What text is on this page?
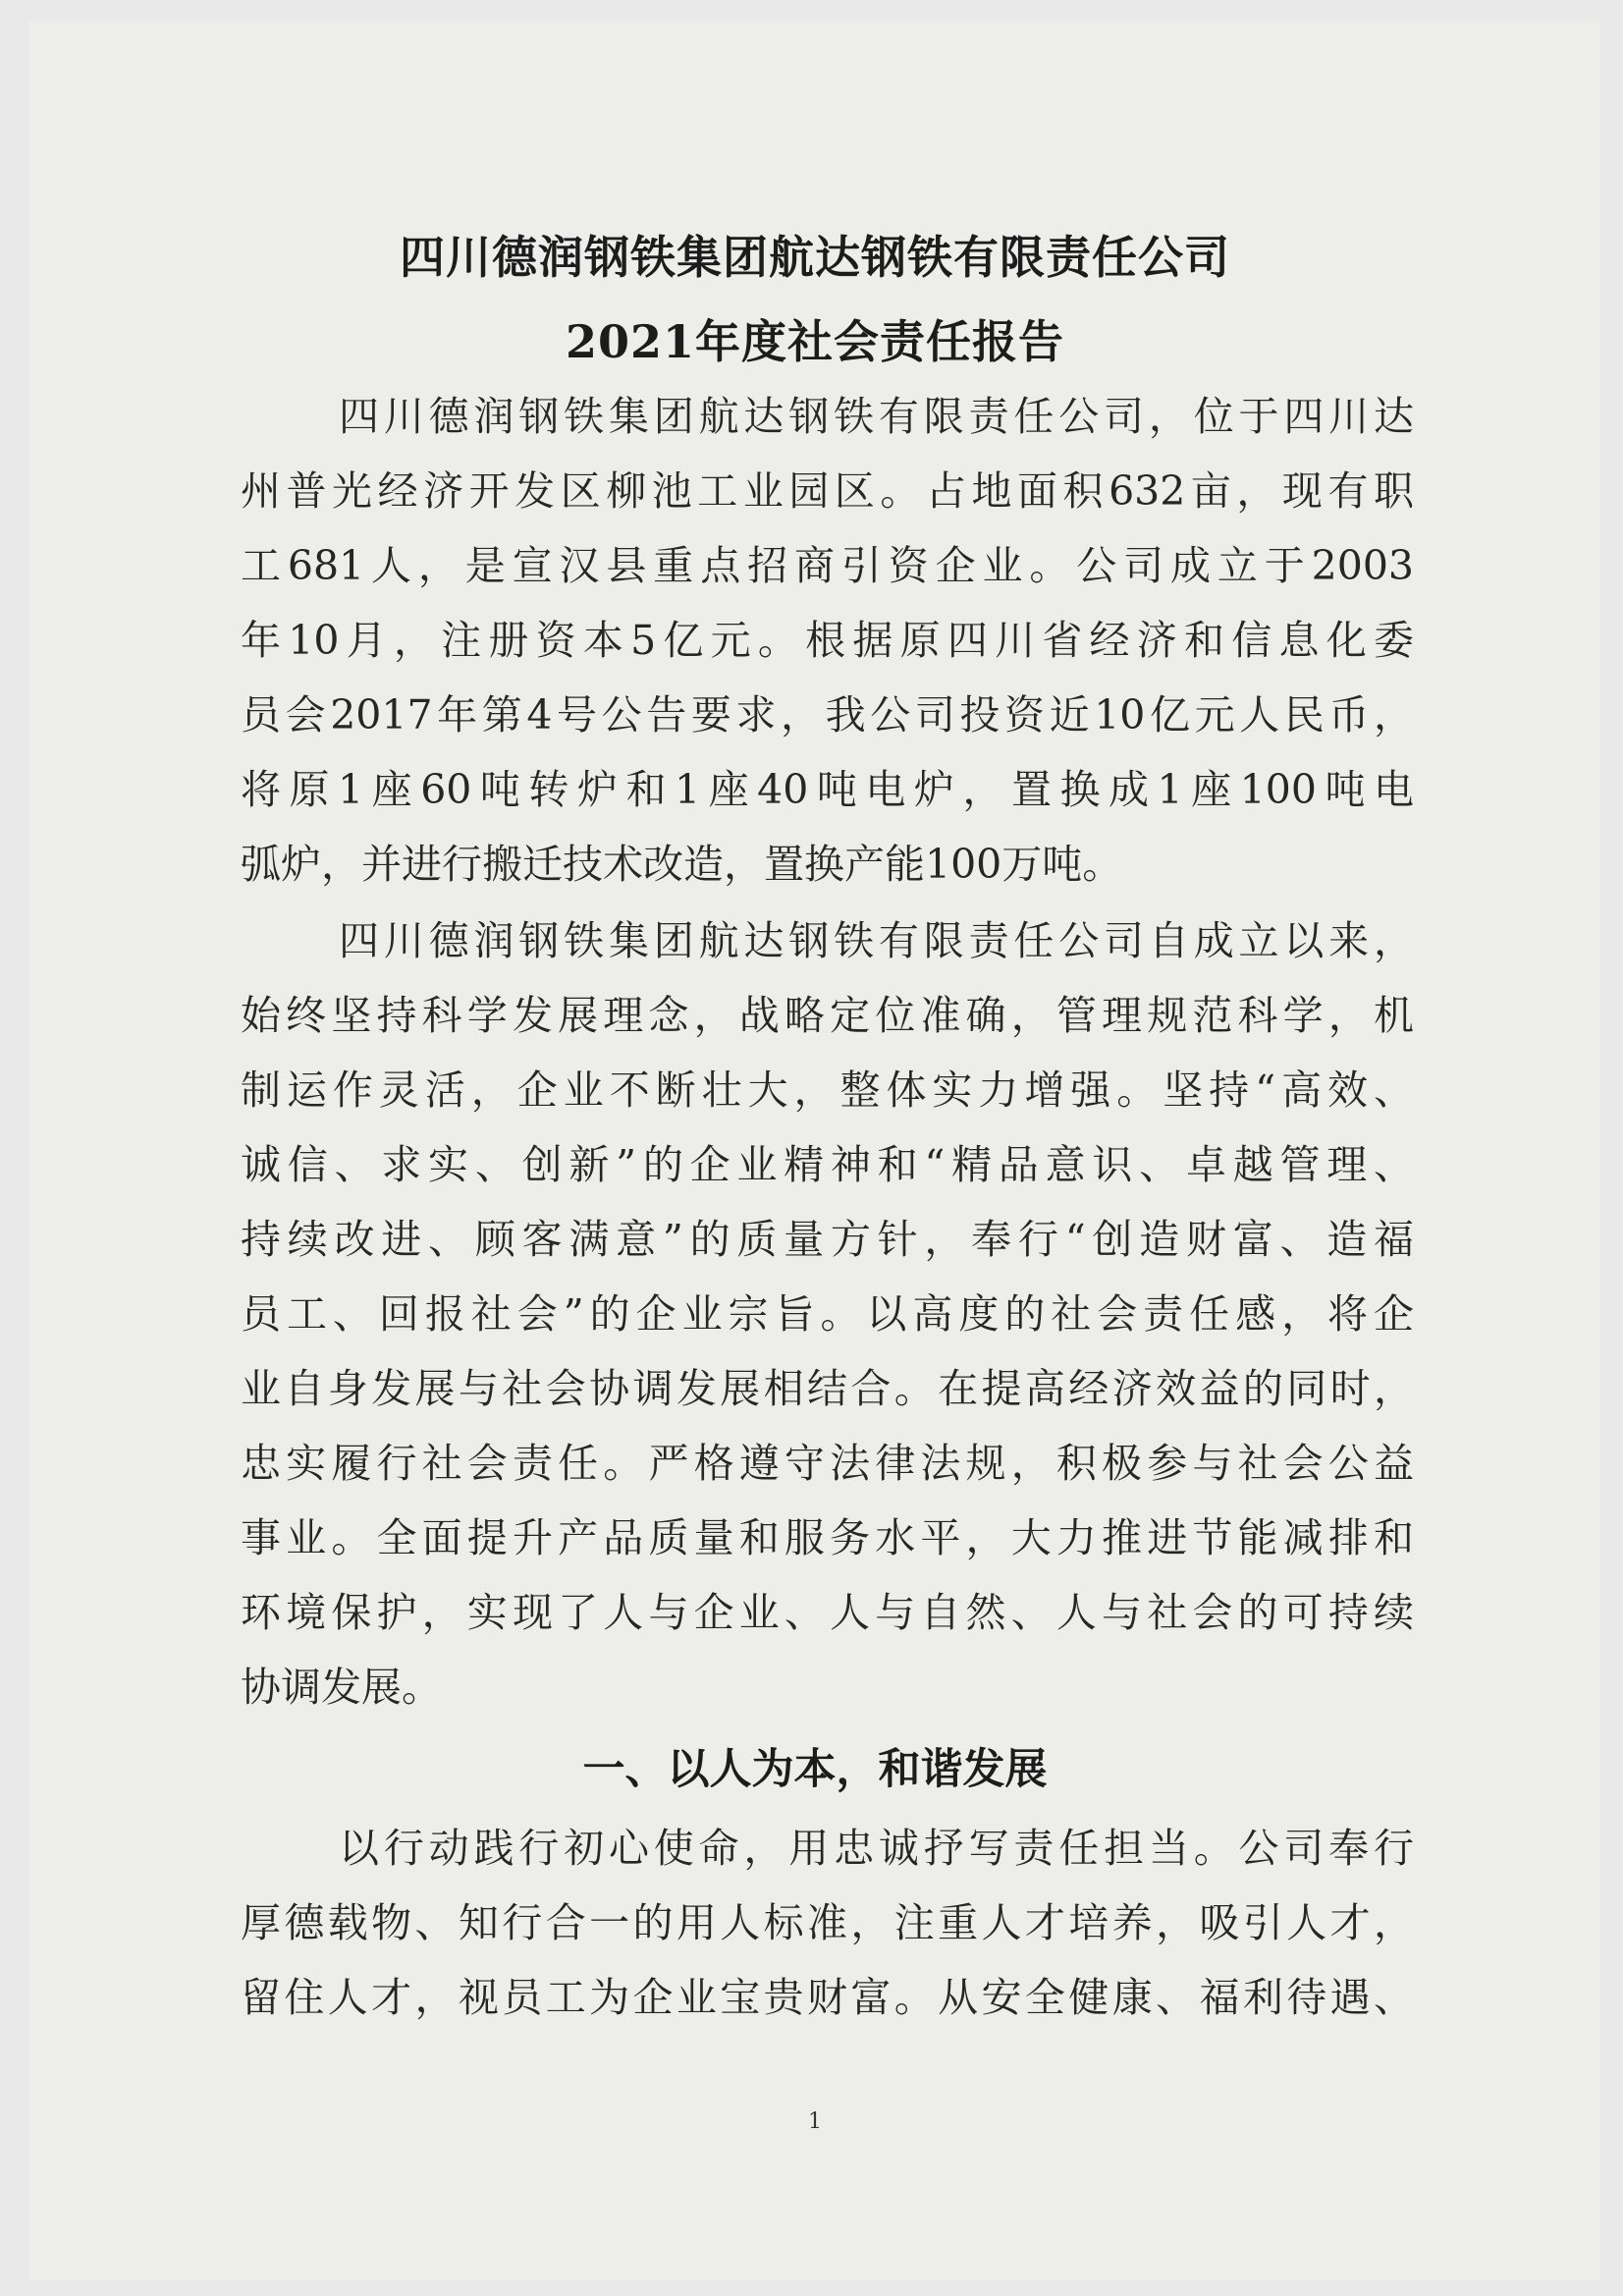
四川德润钢铁集团航达钢铁有限责任公司
2021年度社会责任报告
四川德润钢铁集团航达钢铁有限责任公司，位于四川达
州普光经济开发区柳池工业园区。占地面积632亩，现有职
工681人，是宣汉县重点招商引资企业。公司成立于2003
年10月，注册资本5亿元。根据原四川省经济和信息化委
员会2017年第4号公告要求，我公司投资近10亿元人民币，
将原1座60吨转炉和1座40吨电炉，置换成1座100吨电
弧炉，并进行搬迁技术改造，置换产能100万吨。
四川德润钢铁集团航达钢铁有限责任公司自成立以来，
始终坚持科学发展理念，战略定位准确，管理规范科学，机
制运作灵活，企业不断壮大，整体实力增强。坚持“高效、
诚信、求实、创新”的企业精神和“精品意识、卓越管理、
持续改进、顾客满意”的质量方针，奉行“创造财富、造福
员工、回报社会”的企业宗旨。以高度的社会责任感，将企
业自身发展与社会协调发展相结合。在提高经济效益的同时，
忠实履行社会责任。严格遵守法律法规，积极参与社会公益
事业。全面提升产品质量和服务水平，大力推进节能减排和
环境保护，实现了人与企业、人与自然、人与社会的可持续
协调发展。
一、以人为本，和谐发展
以行动践行初心使命，用忠诚抒写责任担当。公司奉行
厚德载物、知行合一的用人标准，注重人才培养，吸引人才，
留住人才，视员工为企业宝贵财富。从安全健康、福利待遇、
1
